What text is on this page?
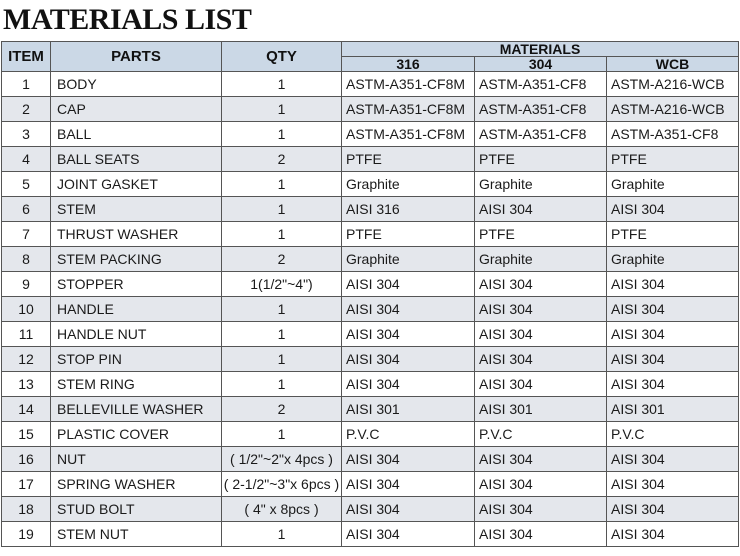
MATERIALS LIST
ITEM	PARTS	QTY	MATERIALS		
			316	304	WCB
1	BODY	1	ASTM-A351-CF8M	ASTM-A351-CF8	ASTM-A216-WCB
2	CAP	1	ASTM-A351-CF8M	ASTM-A351-CF8	ASTM-A216-WCB
3	BALL	1	ASTM-A351-CF8M	ASTM-A351-CF8	ASTM-A351-CF8
4	BALL SEATS	2	PTFE	PTFE	PTFE
5	JOINT GASKET	1	Graphite	Graphite	Graphite
6	STEM	1	AISI 316	AISI 304	AISI 304
7	THRUST WASHER	1	PTFE	PTFE	PTFE
8	STEM PACKING	2	Graphite	Graphite	Graphite
9	STOPPER	1(1/2"~4")	AISI 304	AISI 304	AISI 304
10	HANDLE	1	AISI 304	AISI 304	AISI 304
11	HANDLE NUT	1	AISI 304	AISI 304	AISI 304
12	STOP PIN	1	AISI 304	AISI 304	AISI 304
13	STEM RING	1	AISI 304	AISI 304	AISI 304
14	BELLEVILLE WASHER	2	AISI 301	AISI 301	AISI 301
15	PLASTIC COVER	1	P.V.C	P.V.C	P.V.C
16	NUT	( 1/2"~2"x 4pcs )	AISI 304	AISI 304	AISI 304
17	SPRING WASHER	( 2-1/2"~3"x 6pcs )	AISI 304	AISI 304	AISI 304
18	STUD BOLT	( 4" x 8pcs )	AISI 304	AISI 304	AISI 304
19	STEM NUT	1	AISI 304	AISI 304	AISI 304
